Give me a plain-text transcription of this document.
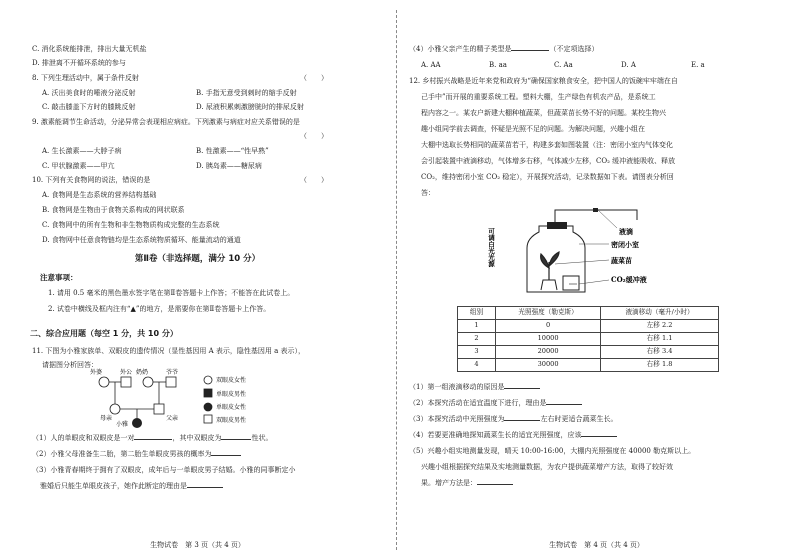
C. 消化系统能排泄，排出大量无机盐
D. 排泄离不开循环系统的参与
8. 下列生理活动中，属于条件反射	（　　）
A. 沃出美食时的唾液分泌反射	B. 手指无意受到刺时的缩手反射
C. 敲击膝盖下方时的膝跳反射	D. 尿液积累刺激膀胱时的排尿反射
9. 激素能调节生命活动，分泌异常会表现相应病症。下列激素与病症对应关系错误的是
（　　）
A. 生长激素——大脖子病	B. 性激素——“性早熟”
C. 甲状腺激素——甲亢	D. 胰岛素——糖尿病
10. 下列有关食物网的说法，错误的是	（　　）
A. 食物网是生态系统的营养结构基础
B. 食物网是生物由于食物关系构成的网状联系
C. 食物网中的所有生物和非生物物质构成完整的生态系统
D. 食物网中任意食物链均是生态系统物质循环、能量流动的通道
第Ⅱ卷（非选择题，满分 10 分）
注意事项：
1. 请用 0.5 毫米的黑色墨水签字笔在第Ⅱ卷答题卡上作答；不能答在此试卷上。
2. 试卷中横线及框内注有“▲”的地方，是需要你在第Ⅱ卷答题卡上作答。
二、综合应用题（每空 1 分，共 10 分）
11. 下图为小雅家族单、双眼皮的遗传情况（显性基因用 A 表示，隐性基因用 a 表示），
请据图分析回答：
外婆	外公 奶奶	爷爷
母亲	父亲
小雅
双眼皮女性
单眼皮男性
单眼皮女性
双眼皮男性
（1）人的单眼皮和双眼皮是一对	，其中双眼皮为	性状。
（2）小雅父母准备生二胎，第二胎生单眼皮男孩的概率为
（3）小雅青春期终于拥有了双眼皮，成年后与一单眼皮男子结婚。小雅的同事断定小
雅婚后只能生单眼皮孩子，她作此断定的理由是
生物试卷　第 3 页（共 4 页）
（4）小雅父亲产生的精子类型是	（不定项选择）
A. AA	B. aa	C. Aa	D. A	E. a
12. 乡村振兴战略是近年来党和政府为“确保国家粮食安全，把中国人的饭碗牢牢端在自
己手中”而开展的重要系统工程。塑料大棚，生产绿色有机农产品，是系统工
程内容之一。某农户新建大棚种植蔬菜，但蔬菜苗长势不好的问题。某校生物兴
趣小组同学前去调查，怀疑是光照不足的问题。为解决问题，兴趣小组在
大棚中选取长势相同的蔬菜苗若干，构建多套如图装置（注：密闭小室内气体变化
会引起装置中液滴移动，气体增多右移，气体减少左移，CO₂ 缓冲液能吸收、释放
CO₂，维持密闭小室 CO₂ 稳定），开展探究活动，记录数据如下表。请图表分析回
答：
可调白光光源	液滴
密闭小室
蔬菜苗
CO₂缓冲液
组别	光照强度（勒克斯）	液滴移动（毫升/小时）
1	0	左移 2.2
2	10000	右移 1.1
3	20000	右移 3.4
4	30000	右移 1.8
（1）第一组液滴移动的原因是
（2）本探究活动在适宜温度下进行，理由是
（3）本探究活动中光照强度为	左右时更适合蔬菜生长。
（4）若要更准确地探知蔬菜生长的适宜光照强度，应该
（5）兴趣小组实地测量发现，晴天 10:00-16:00，大棚内光照强度在 40000 勒克斯以上。
兴趣小组根据探究结果及实地测量数据，为农户提供蔬菜增产方法，取得了较好效
果。增产方法是：
生物试卷　第 4 页（共 4 页）
